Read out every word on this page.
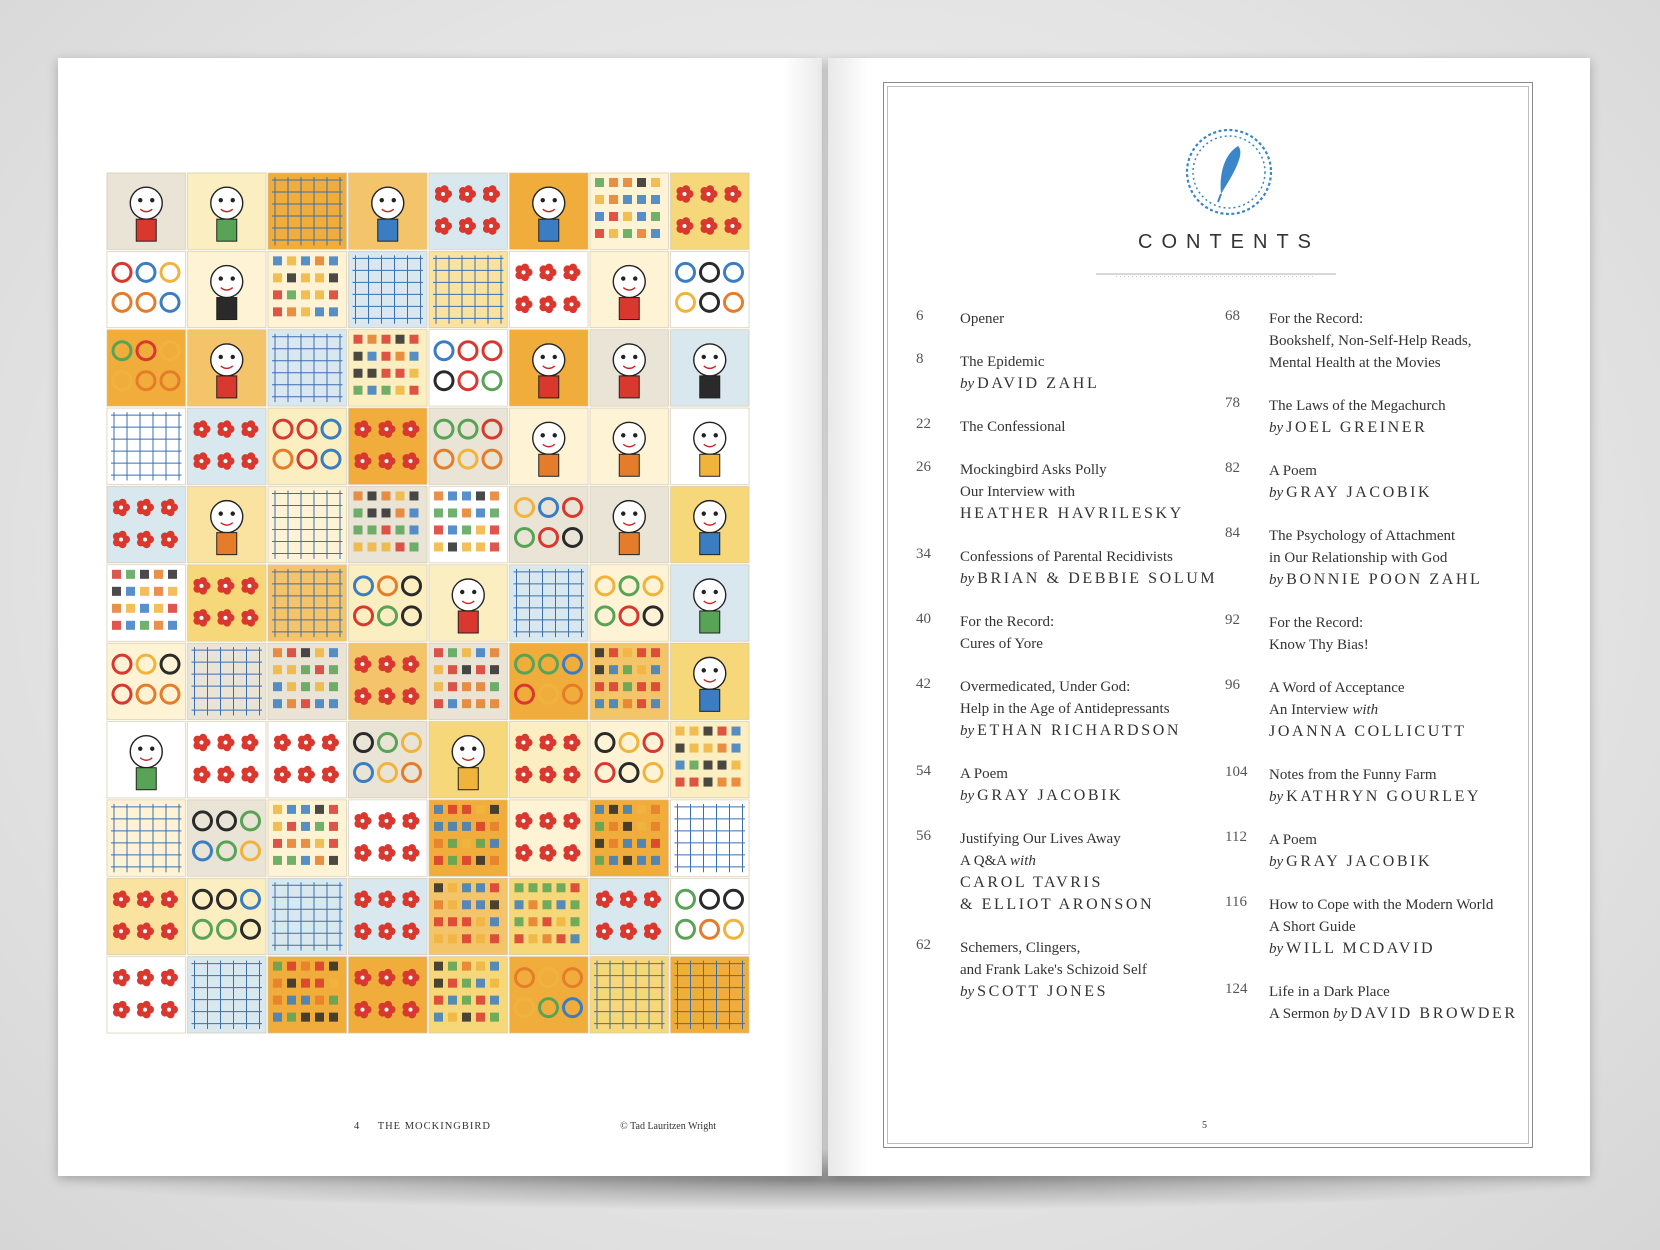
4 THE MOCKINGBIRD	© Tad Lauritzen Wright
CONTENTS
6	Opener
8	The Epidemic
by DAVID ZAHL
22	The Confessional
26	Mockingbird Asks Polly
Our Interview with
HEATHER HAVRILESKY
34	Confessions of Parental Recidivists
by BRIAN & DEBBIE SOLUM
40	For the Record:
Cures of Yore
42	Overmedicated, Under God:
Help in the Age of Antidepressants
by ETHAN RICHARDSON
54	A Poem
by GRAY JACOBIK
56	Justifying Our Lives Away
A Q&A with
CAROL TAVRIS
& ELLIOT ARONSON
62	Schemers, Clingers,
and Frank Lake's Schizoid Self
by SCOTT JONES
68	For the Record:
Bookshelf, Non-Self-Help Reads,
Mental Health at the Movies
78	The Laws of the Megachurch
by JOEL GREINER
82	A Poem
by GRAY JACOBIK
84	The Psychology of Attachment
in Our Relationship with God
by BONNIE POON ZAHL
92	For the Record:
Know Thy Bias!
96	A Word of Acceptance
An Interview with
JOANNA COLLICUTT
104	Notes from the Funny Farm
by KATHRYN GOURLEY
112	A Poem
by GRAY JACOBIK
116	How to Cope with the Modern World
A Short Guide
by WILL MCDAVID
124	Life in a Dark Place
A Sermon by DAVID BROWDER
5
